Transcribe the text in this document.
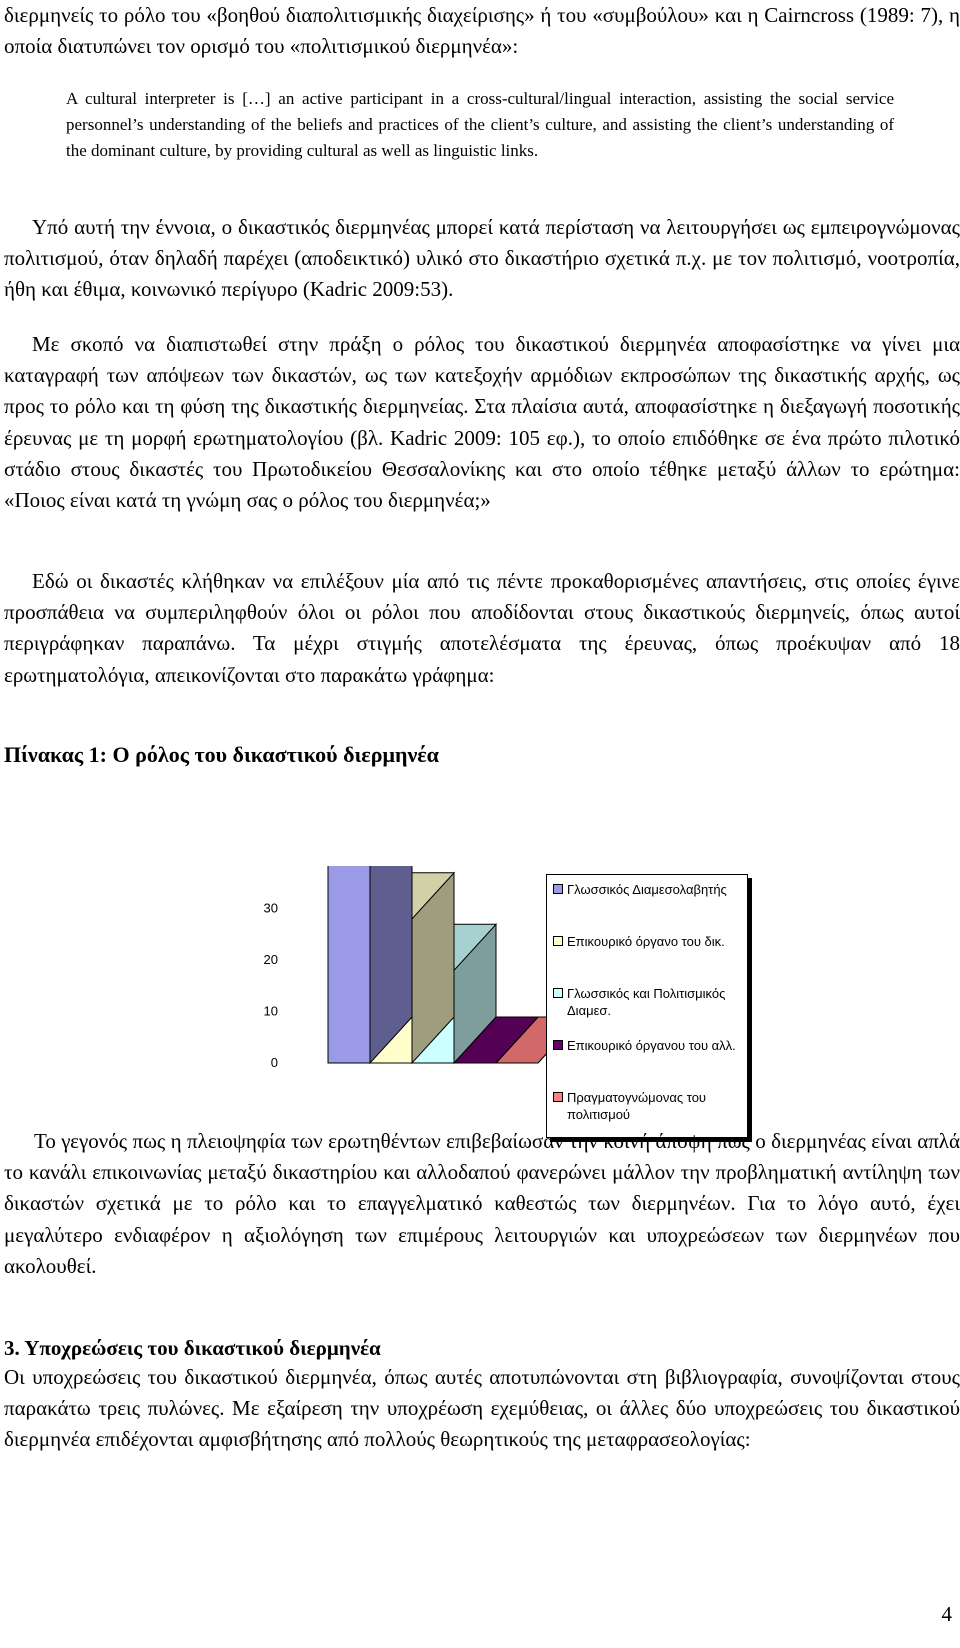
διερμηνείς το ρόλο του «βοηθού διαπολιτισμικής διαχείρισης» ή του «συμβούλου» και η Cairncross (1989: 7), η οποία διατυπώνει τον ορισμό του «πολιτισμικού διερμηνέα»:

A cultural interpreter is […] an active participant in a cross-cultural/lingual interaction, assisting the social service personnel’s understanding of the beliefs and practices of the client’s culture, and assisting the client’s understanding of the dominant culture, by providing cultural as well as linguistic links.

Υπό αυτή την έννοια, ο δικαστικός διερμηνέας μπορεί κατά περίσταση να λειτουργήσει ως εμπειρογνώμονας πολιτισμού, όταν δηλαδή παρέχει (αποδεικτικό) υλικό στο δικαστήριο σχετικά π.χ. με τον πολιτισμό, νοοτροπία, ήθη και έθιμα, κοινωνικό περίγυρο (Kadric 2009:53).

Με σκοπό να διαπιστωθεί στην πράξη ο ρόλος του δικαστικού διερμηνέα αποφασίστηκε να γίνει μια καταγραφή των απόψεων των δικαστών, ως των κατεξοχήν αρμόδιων εκπροσώπων της δικαστικής αρχής, ως προς το ρόλο και τη φύση της δικαστικής διερμηνείας. Στα πλαίσια αυτά, αποφασίστηκε η διεξαγωγή ποσοτικής έρευνας με τη μορφή ερωτηματολογίου (βλ. Kadric 2009: 105 εφ.), το οποίο επιδόθηκε σε ένα πρώτο πιλοτικό στάδιο στους δικαστές του Πρωτοδικείου Θεσσαλονίκης και στο οποίο τέθηκε μεταξύ άλλων το ερώτημα: «Ποιος είναι κατά τη γνώμη σας ο ρόλος του διερμηνέα;»

Εδώ οι δικαστές κλήθηκαν να επιλέξουν μία από τις πέντε προκαθορισμένες απαντήσεις, στις οποίες έγινε προσπάθεια να συμπεριληφθούν όλοι οι ρόλοι που αποδίδονται στους δικαστικούς διερμηνείς, όπως αυτοί περιγράφηκαν παραπάνω. Τα μέχρι στιγμής αποτελέσματα της έρευνας, όπως προέκυψαν από 18 ερωτηματολόγια, απεικονίζονται στο παρακάτω γράφημα:

Πίνακας 1: Ο ρόλος του δικαστικού διερμηνέα

0
10
20
30
Γλωσσικός Διαμεσολαβητής
Επικουρικό όργανο του δικ.
Γλωσσικός και Πολιτισμικός Διαμεσ.
Επικουρικό όργανου του αλλ.
Πραγματογνώμονας του πολιτισμού

Το γεγονός πως η πλειοψηφία των ερωτηθέντων επιβεβαίωσαν την κοινή άποψη πως ο διερμηνέας είναι απλά το κανάλι επικοινωνίας μεταξύ δικαστηρίου και αλλοδαπού φανερώνει μάλλον την προβληματική αντίληψη των δικαστών σχετικά με το ρόλο και το επαγγελματικό καθεστώς των διερμηνέων. Για το λόγο αυτό, έχει μεγαλύτερο ενδιαφέρον η αξιολόγηση των επιμέρους λειτουργιών και υποχρεώσεων των διερμηνέων που ακολουθεί.

3. Υποχρεώσεις του δικαστικού διερμηνέα

Οι υποχρεώσεις του δικαστικού διερμηνέα, όπως αυτές αποτυπώνονται στη βιβλιογραφία, συνοψίζονται στους παρακάτω τρεις πυλώνες. Με εξαίρεση την υποχρέωση εχεμύθειας, οι άλλες δύο υποχρεώσεις του δικαστικού διερμηνέα επιδέχονται αμφισβήτησης από πολλούς θεωρητικούς της μεταφρασεολογίας:

4
